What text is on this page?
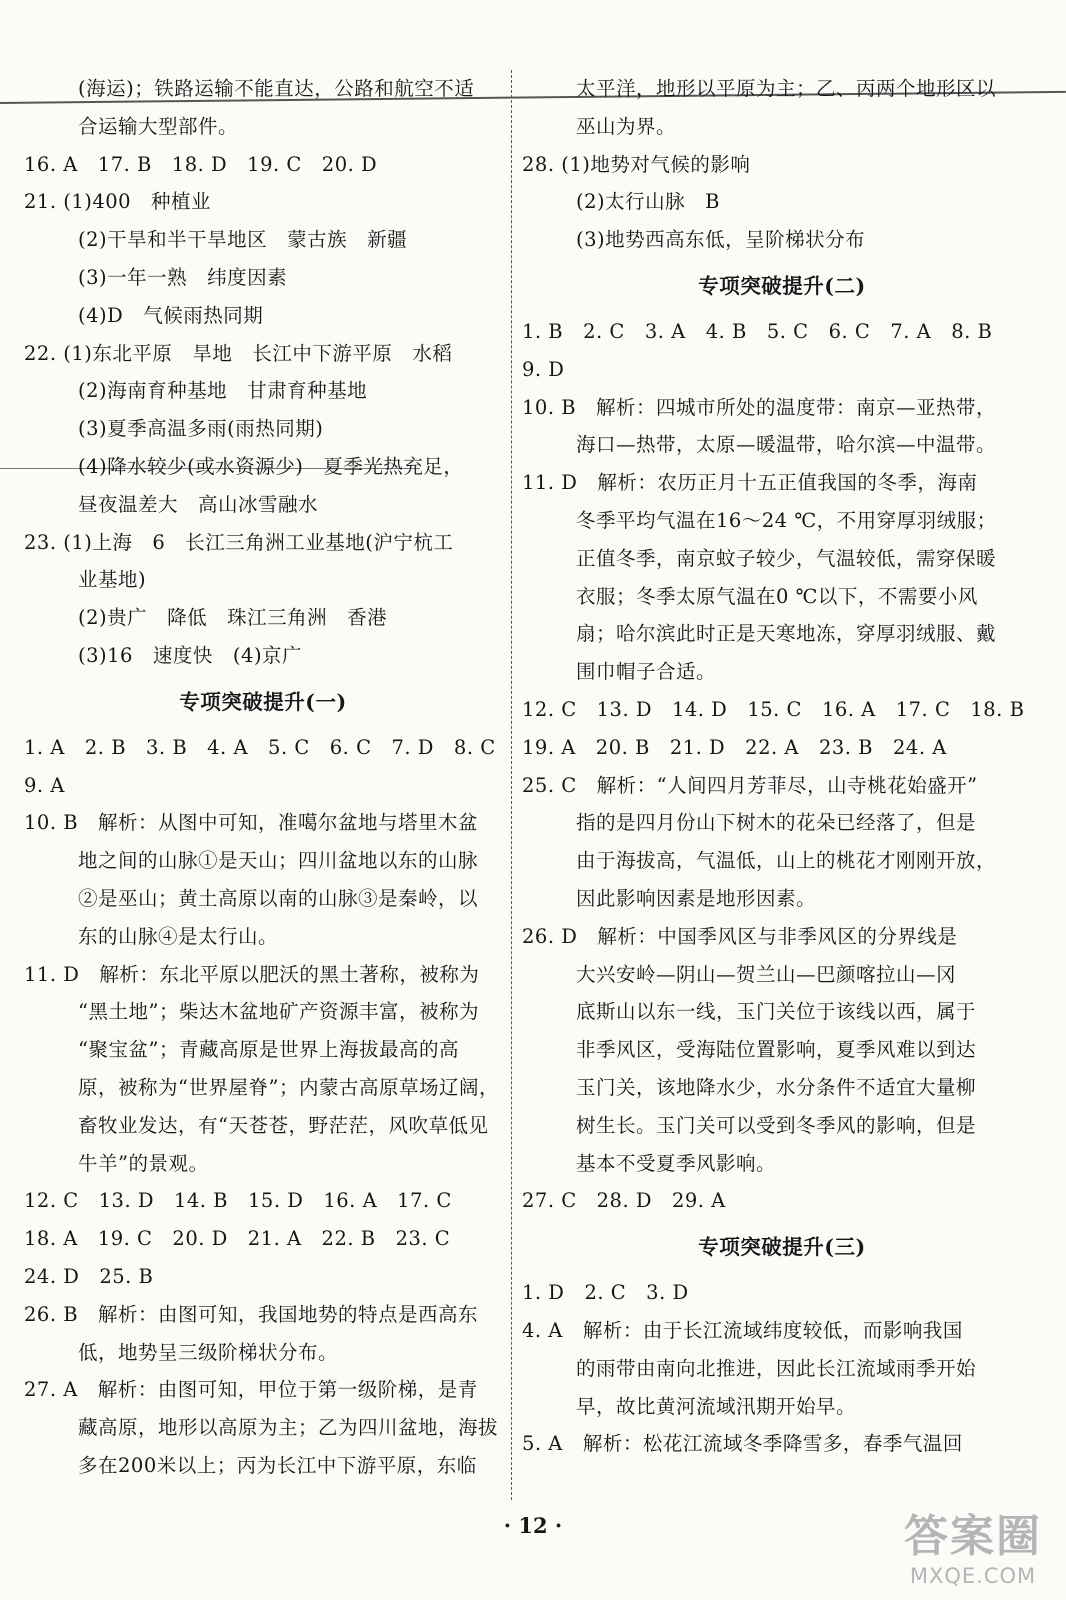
(海运)；铁路运输不能直达，公路和航空不适
合运输大型部件。
16. A　17. B　18. D　19. C　20. D
21. (1)400　种植业
(2)干旱和半干旱地区　蒙古族　新疆
(3)一年一熟　纬度因素
(4)D　气候雨热同期
22. (1)东北平原　旱地　长江中下游平原　水稻
(2)海南育种基地　甘肃育种基地
(3)夏季高温多雨(雨热同期)
(4)降水较少(或水资源少)　夏季光热充足，
昼夜温差大　高山冰雪融水
23. (1)上海　6　长江三角洲工业基地(沪宁杭工
业基地)
(2)贵广　降低　珠江三角洲　香港
(3)16　速度快　(4)京广
专项突破提升(一)
1. A　2. B　3. B　4. A　5. C　6. C　7. D　8. C
9. A
10. B　解析：从图中可知，准噶尔盆地与塔里木盆
地之间的山脉①是天山；四川盆地以东的山脉
②是巫山；黄土高原以南的山脉③是秦岭，以
东的山脉④是太行山。
11. D　解析：东北平原以肥沃的黑土著称，被称为
“黑土地”；柴达木盆地矿产资源丰富，被称为
“聚宝盆”；青藏高原是世界上海拔最高的高
原，被称为“世界屋脊”；内蒙古高原草场辽阔，
畜牧业发达，有“天苍苍，野茫茫，风吹草低见
牛羊”的景观。
12. C　13. D　14. B　15. D　16. A　17. C
18. A　19. C　20. D　21. A　22. B　23. C
24. D　25. B
26. B　解析：由图可知，我国地势的特点是西高东
低，地势呈三级阶梯状分布。
27. A　解析：由图可知，甲位于第一级阶梯，是青
藏高原，地形以高原为主；乙为四川盆地，海拔
多在200米以上；丙为长江中下游平原，东临
太平洋，地形以平原为主；乙、丙两个地形区以
巫山为界。
28. (1)地势对气候的影响
(2)太行山脉　B
(3)地势西高东低，呈阶梯状分布
专项突破提升(二)
1. B　2. C　3. A　4. B　5. C　6. C　7. A　8. B
9. D
10. B　解析：四城市所处的温度带：南京—亚热带，
海口—热带，太原—暖温带，哈尔滨—中温带。
11. D　解析：农历正月十五正值我国的冬季，海南
冬季平均气温在16～24 ℃，不用穿厚羽绒服；
正值冬季，南京蚊子较少，气温较低，需穿保暖
衣服；冬季太原气温在0 ℃以下，不需要小风
扇；哈尔滨此时正是天寒地冻，穿厚羽绒服、戴
围巾帽子合适。
12. C　13. D　14. D　15. C　16. A　17. C　18. B
19. A　20. B　21. D　22. A　23. B　24. A
25. C　解析：“人间四月芳菲尽，山寺桃花始盛开”
指的是四月份山下树木的花朵已经落了，但是
由于海拔高，气温低，山上的桃花才刚刚开放，
因此影响因素是地形因素。
26. D　解析：中国季风区与非季风区的分界线是
大兴安岭—阴山—贺兰山—巴颜喀拉山—冈
底斯山以东一线，玉门关位于该线以西，属于
非季风区，受海陆位置影响，夏季风难以到达
玉门关，该地降水少，水分条件不适宜大量柳
树生长。玉门关可以受到冬季风的影响，但是
基本不受夏季风影响。
27. C　28. D　29. A
专项突破提升(三)
1. D　2. C　3. D
4. A　解析：由于长江流域纬度较低，而影响我国
的雨带由南向北推进，因此长江流域雨季开始
早，故比黄河流域汛期开始早。
5. A　解析：松花江流域冬季降雪多，春季气温回
· 12 ·	答案圈
MXQE.COM
